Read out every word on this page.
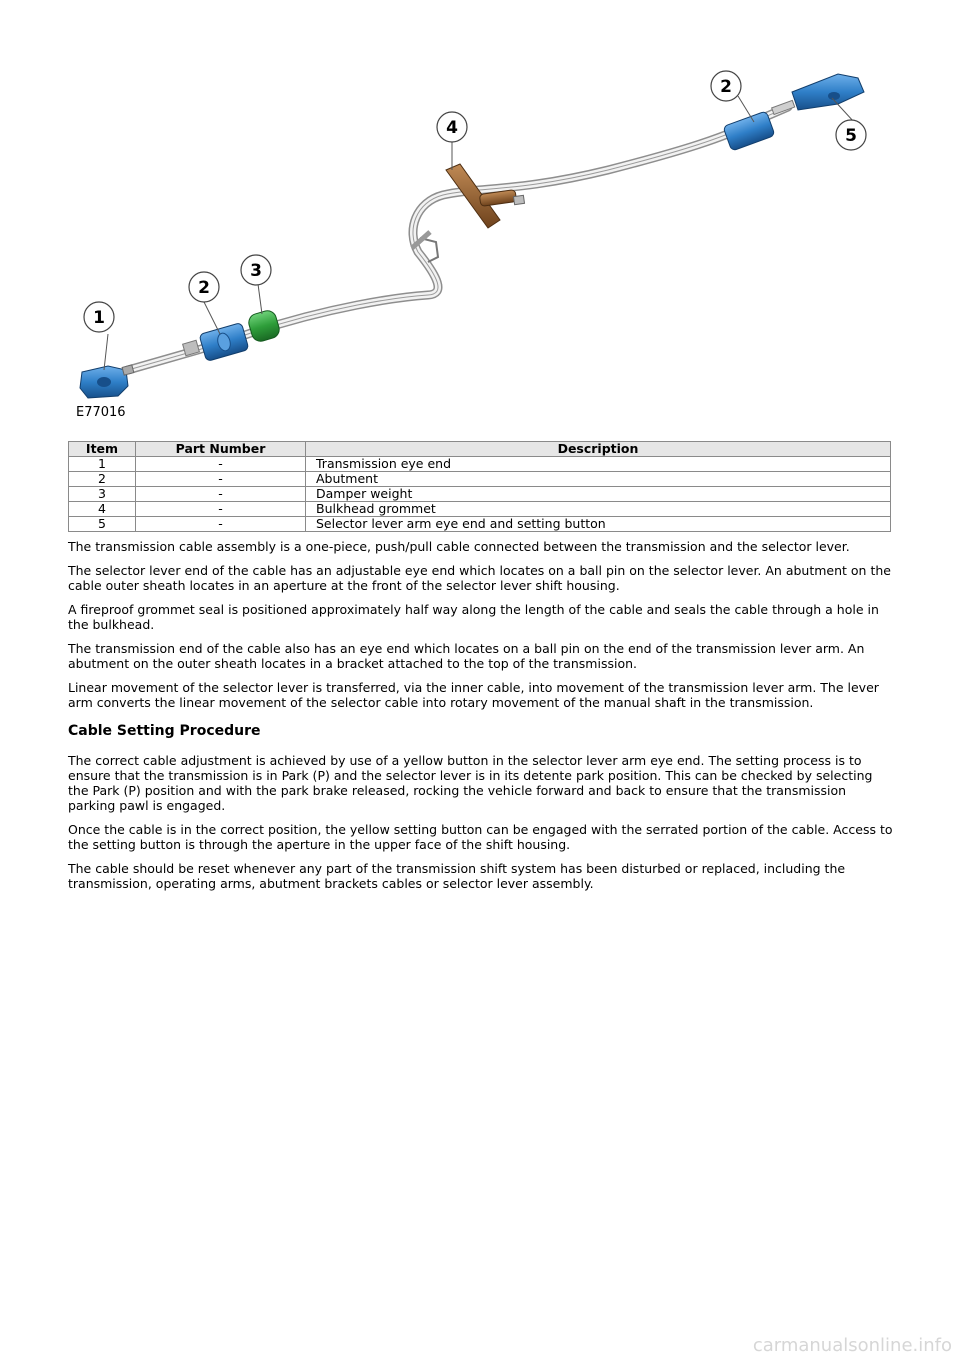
1
2
3
4
2
5
E77016
Item	Part Number	Description
1	-	Transmission eye end
2	-	Abutment
3	-	Damper weight
4	-	Bulkhead grommet
5	-	Selector lever arm eye end and setting button

The transmission cable assembly is a one-piece, push/pull cable connected between the transmission and the selector lever.

The selector lever end of the cable has an adjustable eye end which locates on a ball pin on the selector lever. An abutment on the cable outer sheath locates in an aperture at the front of the selector lever shift housing.

A fireproof grommet seal is positioned approximately half way along the length of the cable and seals the cable through a hole in the bulkhead.

The transmission end of the cable also has an eye end which locates on a ball pin on the end of the transmission lever arm. An abutment on the outer sheath locates in a bracket attached to the top of the transmission.

Linear movement of the selector lever is transferred, via the inner cable, into movement of the transmission lever arm. The lever arm converts the linear movement of the selector cable into rotary movement of the manual shaft in the transmission.

Cable Setting Procedure

The correct cable adjustment is achieved by use of a yellow button in the selector lever arm eye end. The setting process is to ensure that the transmission is in Park (P) and the selector lever is in its detente park position. This can be checked by selecting the Park (P) position and with the park brake released, rocking the vehicle forward and back to ensure that the transmission parking pawl is engaged.

Once the cable is in the correct position, the yellow setting button can be engaged with the serrated portion of the cable. Access to the setting button is through the aperture in the upper face of the shift housing.

The cable should be reset whenever any part of the transmission shift system has been disturbed or replaced, including the transmission, operating arms, abutment brackets cables or selector lever assembly.

carmanualsonline.info
